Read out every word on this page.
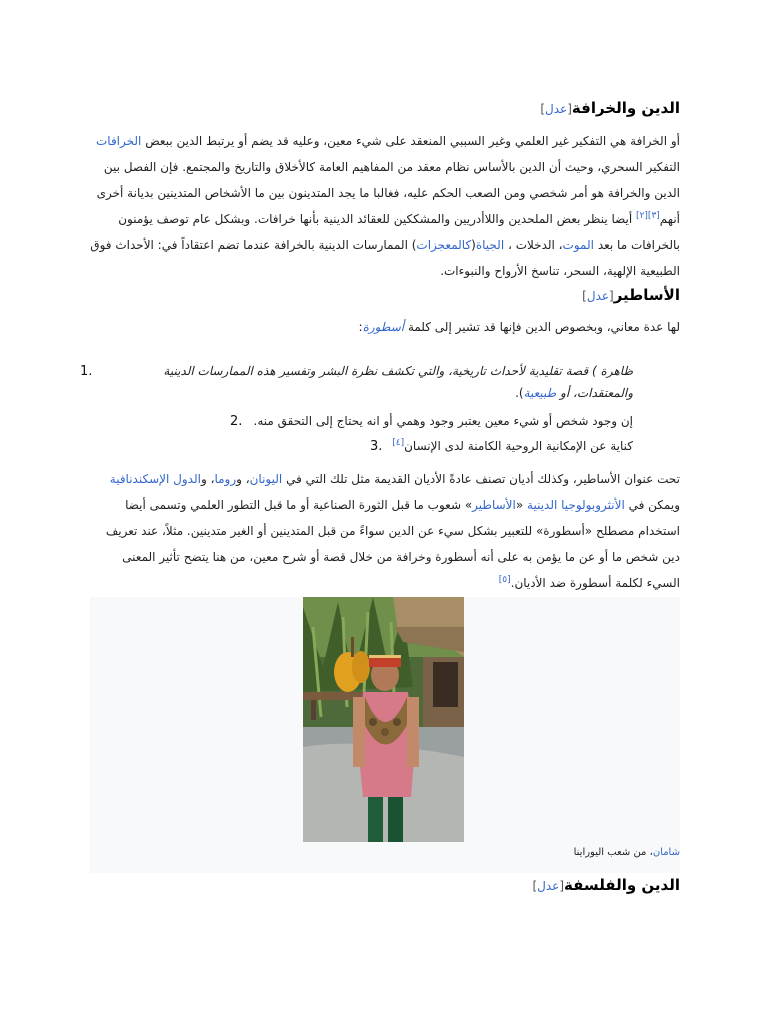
الدين والخرافة[عدل]
أو الخرافة هي التفكير غير العلمي وغير السببي المنعقد على شيء معين، وعليه قد يضم أو يرتبط الدين ببعض الخرافات التفكير السحري، وحيث أن الدين بالأساس نظام معقد من المفاهيم العامة كالأخلاق والتاريخ والمجتمع. فإن الفصل بين الدين والخرافة هو أمر شخصي ومن الصعب الحكم عليه، فغالبا ما يجد المتدينون بين ما الأشخاص المتدينين بديانة أخرى أنهم[٣][٢] أيضا ينظر بعض الملحدين واللاأدريين والمشككين للعقائد الدينية بأنها خرافات. وبشكل عام توصف يؤمنون بالخرافات ما بعد الموت، الدخلات ، الجياة(كالمعجزات) الممارسات الدينية بالخرافة عندما تضم اعتقاداً في: الأحداث فوق الطبيعية الإلهية، السحر، تناسخ الأرواح والنبوءات.
الأساطير[عدل]
لها عدة معاني، وبخصوص الدين فإنها قد تشير إلى كلمة أسطورة:
1.	ظاهرة ) قصة تقليدية لأحداث تاريخية، والتي تكشف نظرة البشر وتفسير هذه الممارسات الدينية والمعتقدات، أو طبيعية).
2. إن وجود شخص أو شيء معين يعتبر وجود وهمي أو انه يحتاج إلى التحقق منه.
3.	كناية عن الإمكانية الروحية الكامنة لدى الإنسان[٤]
تحت عنوان الأساطير، وكذلك أديان تصنف عادةً الأديان القديمة مثل تلك التي في اليونان، وروما، والدول الإسكندنافية ويمكن في الأنثروبولوجيا الدينية «الأساطير» شعوب ما قبل الثورة الصناعية أو ما قبل التطور العلمي وتسمى أيضا استخدام مصطلح «أسطورة» للتعبير بشكل سيء عن الدين سواءً من قبل المتدينين أو الغير متدينين. مثلاً، عند تعريف دين شخص ما أو عن ما يؤمن به على أنه أسطورة وخرافة من خلال قصة أو شرح معين، من هنا يتضح تأثير المعنى السيء لكلمة أسطورة ضد الأديان.[٥]
شامان، من شعب اليوراينا
الدين والفلسفة[عدل]
